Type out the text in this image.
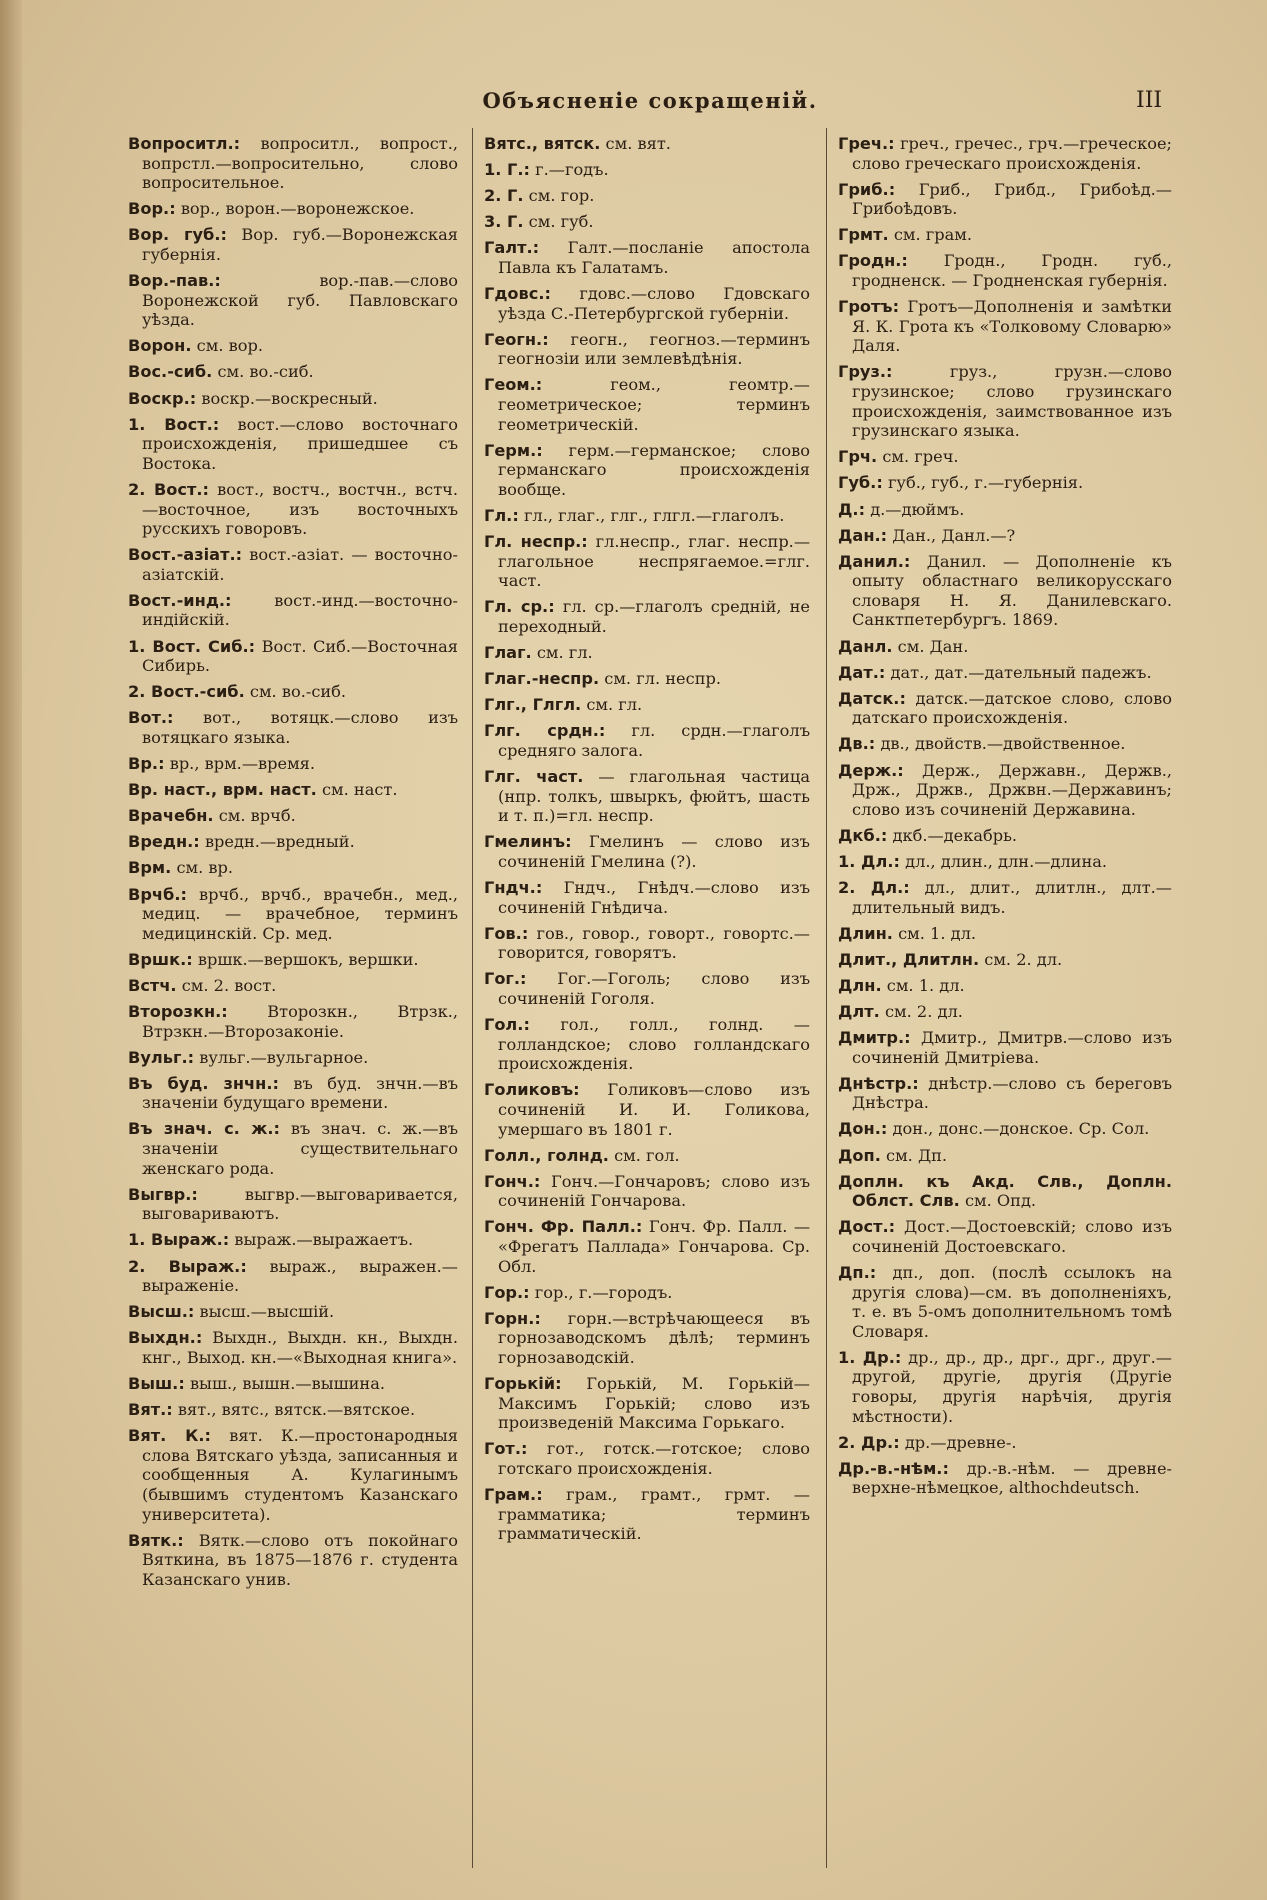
Объясненіе сокращеній.	III

Вопроситл.: вопроситл., вопрост., вопрстл.—вопросительно, слово вопросительное.

Вор.: вор., ворон.—воронежское.

Вор. губ.: Вор. губ.—Воронежская губернія.

Вор.-пав.: вор.-пав.—слово Воронежской губ. Павловскаго уѣзда.

Ворон. см. вор.

Вос.-сиб. см. во.-сиб.

Воскр.: воскр.—воскресный.

1. Вост.: вост.—слово восточнаго происхожденія, пришедшее съ Востока.

2. Вост.: вост., востч., востчн., встч.—восточное, изъ восточныхъ русскихъ говоровъ.

Вост.-азіат.: вост.-азіат. — восточно-азіатскій.

Вост.-инд.: вост.-инд.—восточно-индійскій.

1. Вост. Сиб.: Вост. Сиб.—Восточная Сибирь.

2. Вост.-сиб. см. во.-сиб.

Вот.: вот., вотяцк.—слово изъ вотяцкаго языка.

Вр.: вр., врм.—время.

Вр. наст., врм. наст. см. наст.

Врачебн. см. врчб.

Вредн.: вредн.—вредный.

Врм. см. вр.

Врчб.: врчб., врчб., врачебн., мед., медиц. — врачебное, терминъ медицинскій. Ср. мед.

Вршк.: вршк.—вершокъ, вершки.

Встч. см. 2. вост.

Второзкн.: Второзкн., Втрзк., Втрзкн.—Второзаконіе.

Вульг.: вульг.—вульгарное.

Въ буд. знчн.: въ буд. знчн.—въ значеніи будущаго времени.

Въ знач. с. ж.: въ знач. с. ж.—въ значеніи существительнаго женскаго рода.

Выгвр.: выгвр.—выговаривается, выговариваютъ.

1. Выраж.: выраж.—выражаетъ.

2. Выраж.: выраж., выражен.—выраженіе.

Высш.: высш.—высшій.

Выхдн.: Выхдн., Выхдн. кн., Выхдн. кнг., Выход. кн.—«Выходная книга».

Выш.: выш., вышн.—вышина.

Вят.: вят., вятс., вятск.—вятское.

Вят. К.: вят. К.—простонародныя слова Вятскаго уѣзда, записанныя и сообщенныя А. Кулагинымъ (бывшимъ студентомъ Казанскаго университета).

Вятк.: Вятк.—слово отъ покойнаго Вяткина, въ 1875—1876 г. студента Казанскаго унив.

Вятс., вятск. см. вят.

1. Г.: г.—годъ.

2. Г. см. гор.

3. Г. см. губ.

Галт.: Галт.—посланіе апостола Павла къ Галатамъ.

Гдовс.: гдовс.—слово Гдовскаго уѣзда С.-Петербургской губерніи.

Геогн.: геогн., геогноз.—терминъ геогнозіи или землевѣдѣнія.

Геом.: геом., геомтр.—геометрическое; терминъ геометрическій.

Герм.: герм.—германское; слово германскаго происхожденія вообще.

Гл.: гл., глаг., глг., глгл.—глаголъ.

Гл. неспр.: гл.неспр., глаг. неспр.—глагольное неспрягаемое.=глг. част.

Гл. ср.: гл. ср.—глаголъ средній, не переходный.

Глаг. см. гл.

Глаг.-неспр. см. гл. неспр.

Глг., Глгл. см. гл.

Глг. срдн.: гл. срдн.—глаголъ средняго залога.

Глг. част. — глагольная частица (нпр. толкъ, швыркъ, фюйтъ, шасть и т. п.)=гл. неспр.

Гмелинъ: Гмелинъ — слово изъ сочиненій Гмелина (?).

Гндч.: Гндч., Гнѣдч.—слово изъ сочиненій Гнѣдича.

Гов.: гов., говор., говорт., говортс.—говорится, говорятъ.

Гог.: Гог.—Гоголь; слово изъ сочиненій Гоголя.

Гол.: гол., голл., голнд. — голландское; слово голландскаго происхожденія.

Голиковъ: Голиковъ—слово изъ сочиненій И. И. Голикова, умершаго въ 1801 г.

Голл., голнд. см. гол.

Гонч.: Гонч.—Гончаровъ; слово изъ сочиненій Гончарова.

Гонч. Фр. Палл.: Гонч. Фр. Палл. — «Фрегатъ Паллада» Гончарова. Ср. Обл.

Гор.: гор., г.—городъ.

Горн.: горн.—встрѣчающееся въ горнозаводскомъ дѣлѣ; терминъ горнозаводскій.

Горькій: Горькій, М. Горькій—Максимъ Горькій; слово изъ произведеній Максима Горькаго.

Гот.: гот., готск.—готское; слово готскаго происхожденія.

Грам.: грам., грамт., грмт. — грамматика; терминъ грамматическій.

Греч.: греч., гречес., грч.—греческое; слово греческаго происхожденія.

Гриб.: Гриб., Грибд., Грибоѣд.—Грибоѣдовъ.

Грмт. см. грам.

Гродн.: Гродн., Гродн. губ., гродненск. — Гродненская губернія.

Гротъ: Гротъ—Дополненія и замѣтки Я. К. Грота къ «Толковому Словарю» Даля.

Груз.: груз., грузн.—слово грузинское; слово грузинскаго происхожденія, заимствованное изъ грузинскаго языка.

Грч. см. греч.

Губ.: губ., губ., г.—губернія.

Д.: д.—дюймъ.

Дан.: Дан., Данл.—?

Данил.: Данил. — Дополненіе къ опыту областнаго великорусскаго словаря Н. Я. Данилевскаго. Санктпетербургъ. 1869.

Данл. см. Дан.

Дат.: дат., дат.—дательный падежъ.

Датск.: датск.—датское слово, слово датскаго происхожденія.

Дв.: дв., двойств.—двойственное.

Держ.: Держ., Державн., Держв., Држ., Држв., Држвн.—Державинъ; слово изъ сочиненій Державина.

Дкб.: дкб.—декабрь.

1. Дл.: дл., длин., длн.—длина.

2. Дл.: дл., длит., длитлн., длт.—длительный видъ.

Длин. см. 1. дл.

Длит., Длитлн. см. 2. дл.

Длн. см. 1. дл.

Длт. см. 2. дл.

Дмитр.: Дмитр., Дмитрв.—слово изъ сочиненій Дмитріева.

Днѣстр.: днѣстр.—слово съ береговъ Днѣстра.

Дон.: дон., донс.—донское. Ср. Сол.

Доп. см. Дп.

Доплн. къ Акд. Слв., Доплн. Облст. Слв. см. Опд.

Дост.: Дост.—Достоевскій; слово изъ сочиненій Достоевскаго.

Дп.: дп., доп. (послѣ ссылокъ на другія слова)—см. въ дополненіяхъ, т. е. въ 5-омъ дополнительномъ томѣ Словаря.

1. Др.: др., др., др., дрг., дрг., друг.—другой, другіе, другія (Другіе говоры, другія нарѣчія, другія мѣстности).

2. Др.: др.—древне-.

Др.-в.-нѣм.: др.-в.-нѣм. — древне-верхне-нѣмецкое, althochdeutsch.
